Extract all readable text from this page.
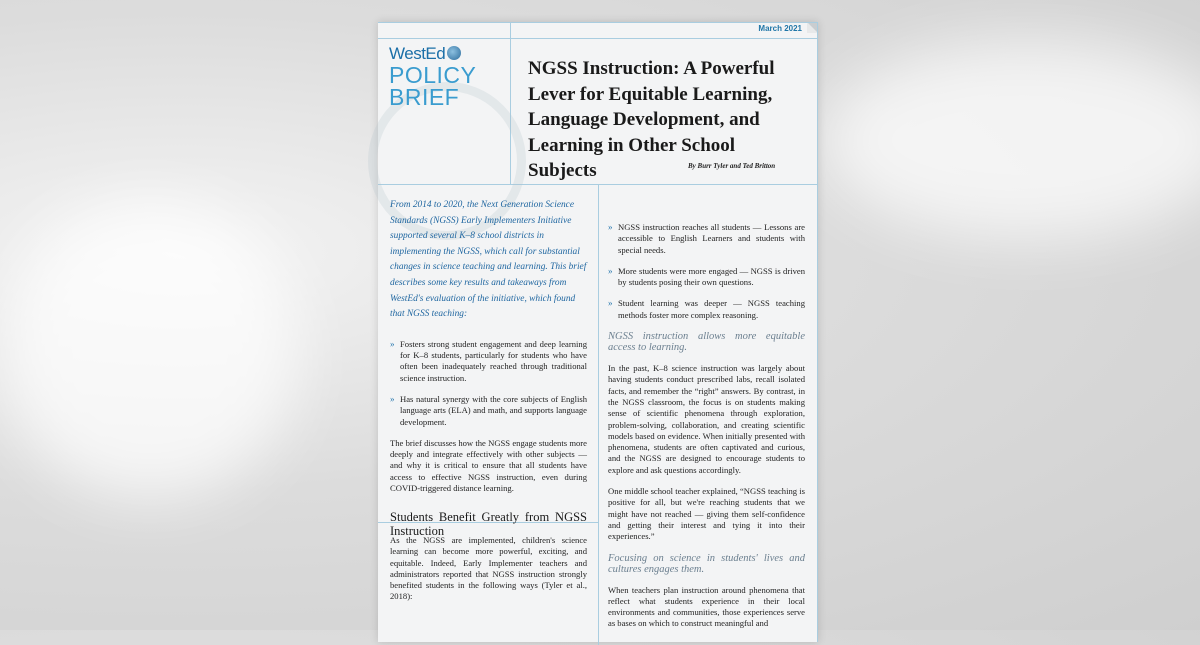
March 2021
WestEd
POLICY
BRIEF
NGSS Instruction: A Powerful Lever for Equitable Learning, Language Development, and Learning in Other School Subjects	By Burr Tyler and Ted Britton

From 2014 to 2020, the Next Generation Science Standards (NGSS) Early Implementers Initiative supported several K–8 school districts in implementing the NGSS, which call for substantial changes in science teaching and learning. This brief describes some key results and takeaways from WestEd's evaluation of the initiative, which found that NGSS teaching:

» Fosters strong student engagement and deep learning for K–8 students, particularly for students who have often been inadequately reached through traditional science instruction.
» Has natural synergy with the core subjects of English language arts (ELA) and math, and supports language development.

The brief discusses how the NGSS engage students more deeply and integrate effectively with other subjects — and why it is critical to ensure that all students have access to effective NGSS instruction, even during COVID-triggered distance learning.

Students Benefit Greatly from NGSS Instruction

As the NGSS are implemented, children's science learning can become more powerful, exciting, and equitable. Indeed, Early Implementer teachers and administrators reported that NGSS instruction strongly benefited students in the following ways (Tyler et al., 2018):

» NGSS instruction reaches all students — Lessons are accessible to English Learners and students with special needs.
» More students were more engaged — NGSS is driven by students posing their own questions.
» Student learning was deeper — NGSS teaching methods foster more complex reasoning.
NGSS instruction allows more equitable access to learning.

In the past, K–8 science instruction was largely about having students conduct prescribed labs, recall isolated facts, and remember the “right” answers. By contrast, in the NGSS classroom, the focus is on students making sense of scientific phenomena through exploration, problem-solving, collaboration, and creating scientific models based on evidence. When initially presented with phenomena, students are often captivated and curious, and the NGSS are designed to encourage students to explore and ask questions accordingly.

One middle school teacher explained, “NGSS teaching is positive for all, but we're reaching students that we might have not reached — giving them self-confidence and getting their interest and tying it into their experiences.”

Focusing on science in students' lives and cultures engages them.

When teachers plan instruction around phenomena that reflect what students experience in their local environments and communities, those experiences serve as bases on which to construct meaningful and
